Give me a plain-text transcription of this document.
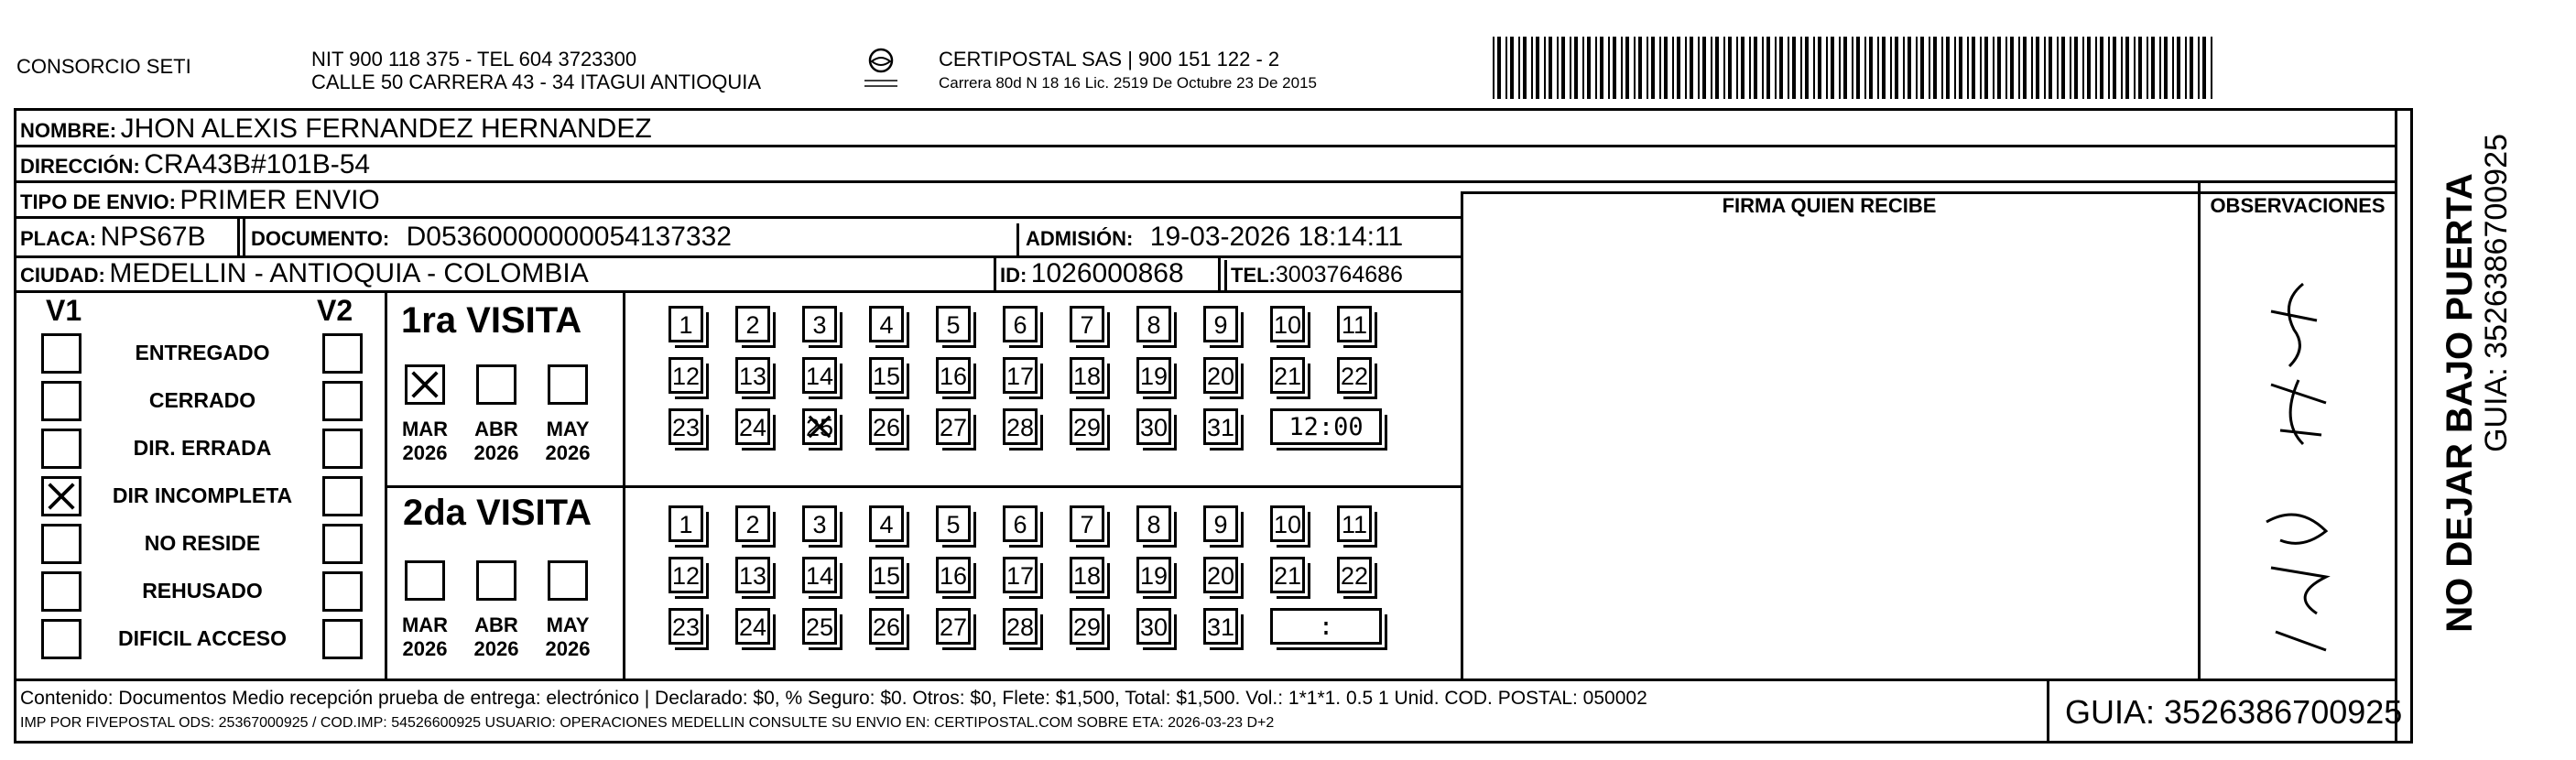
CONSORCIO SETI	NIT 900 118 375 - TEL 604 3723300
CALLE 50 CARRERA 43 - 34 ITAGUI ANTIOQUIA
CERTIPOSTAL SAS | 900 151 122 - 2
Carrera 80d N 18 16 Lic. 2519 De Octubre 23 De 2015
NOMBRE: JHON ALEXIS FERNANDEZ HERNANDEZ
DIRECCIÓN: CRA43B#101B-54
TIPO DE ENVIO: PRIMER ENVIO
PLACA: NPS67B DOCUMENTO: D05360000000054137332	ADMISIÓN: 19-03-2026 18:14:11
CIUDAD: MEDELLIN - ANTIOQUIA - COLOMBIA	ID: 1026000868 TEL:3003764686
FIRMA QUIEN RECIBE	OBSERVACIONES NO DEJAR BAJO PUERTA GUIA: 3526386700925
V1	V2
ENTREGADO
CERRADO
DIR. ERRADA
DIR INCOMPLETA
NO RESIDE
REHUSADO
DIFICIL ACCESO
1ra VISITA
2da VISITA
MAR
2026
ABR
2026
MAY
2026
MAR
2026
ABR
2026
MAY
2026
1	2	3	4	5	6	7	8	9	10 11
12 13 14 15 16 17 18 19 20 21 22
23 24 25 26 27 28 29 30 31	12:00
1	2	3	4	5	6	7	8	9	10 11
12 13 14 15 16 17 18 19 20 21 22
23 24 25 26 27 28 29 30 31	:
Contenido: Documentos Medio recepción prueba de entrega: electrónico | Declarado: $0, % Seguro: $0. Otros: $0, Flete: $1,500, Total: $1,500. Vol.: 1*1*1. 0.5 1 Unid. COD. POSTAL: 050002
IMP POR FIVEPOSTAL ODS: 25367000925 / COD.IMP: 54526600925 USUARIO: OPERACIONES MEDELLIN CONSULTE SU ENVIO EN: CERTIPOSTAL.COM SOBRE ETA: 2026-03-23 D+2	GUIA: 3526386700925
